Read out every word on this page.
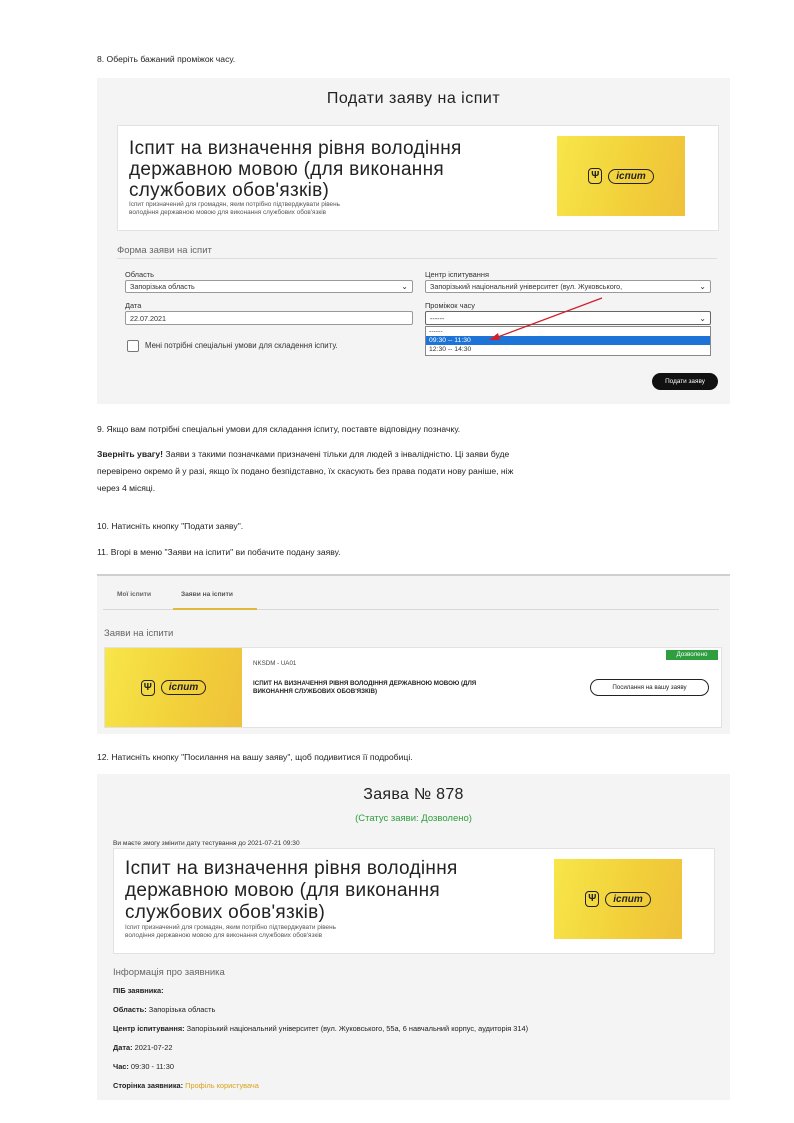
8. Оберіть бажаний проміжок часу.
Подати заяву на іспит
Іспит на визначення рівня володіння
державною мовою (для виконання
службових обов'язків)
Іспит призначений для громадян, яким потрібно підтверджувати рівень
володіння державною мовою для виконання службових обов'язків
Ψ	іспит
Форма заяви на іспит
Область
Запорізька область	⌄
Центр іспитування
Запорізький національний університет (вул. Жуковського,	⌄
Дата
22.07.2021
Проміжок часу
------	⌄
------
09:30 -- 11:30
12:30 -- 14:30
Мені потрібні спеціальні умови для складення іспиту.
Подати заяву
9. Якщо вам потрібні спеціальні умови для складання іспиту, поставте відповідну позначку.
Зверніть увагу! Заяви з такими позначками призначені тільки для людей з інвалідністю. Ці заяви буде
перевірено окремо й у разі, якщо їх подано безпідставно, їх скасують без права подати нову раніше, ніж
через 4 місяці.
10. Натисніть кнопку "Подати заяву".
11. Вгорі в меню "Заяви на іспити" ви побачите подану заяву.
Мої іспити	Заяви на іспити
Заяви на іспити
Ψ	іспит
NKSDM - UA01
ІСПИТ НА ВИЗНАЧЕННЯ РІВНЯ ВОЛОДІННЯ ДЕРЖАВНОЮ МОВОЮ (ДЛЯ
ВИКОНАННЯ СЛУЖБОВИХ ОБОВ'ЯЗКІВ)
Дозволено
Посилання на вашу заяву
12. Натисніть кнопку "Посилання на вашу заяву", щоб подивитися її подробиці.
Заява № 878
(Статус заяви: Дозволено)
Ви маєте змогу змінити дату тестування до 2021-07-21 09:30
Іспит на визначення рівня володіння
державною мовою (для виконання
службових обов'язків)
Іспит призначений для громадян, яким потрібно підтверджувати рівень
володіння державною мовою для виконання службових обов'язків
Ψ	іспит
Інформація про заявника
ПІБ заявника:
Область: Запорізька область
Центр іспитування: Запорізький національний університет (вул. Жуковського, 55а, 6 навчальний корпус, аудиторія 314)
Дата: 2021-07-22
Час: 09:30 - 11:30
Сторінка заявника: Профіль користувача
